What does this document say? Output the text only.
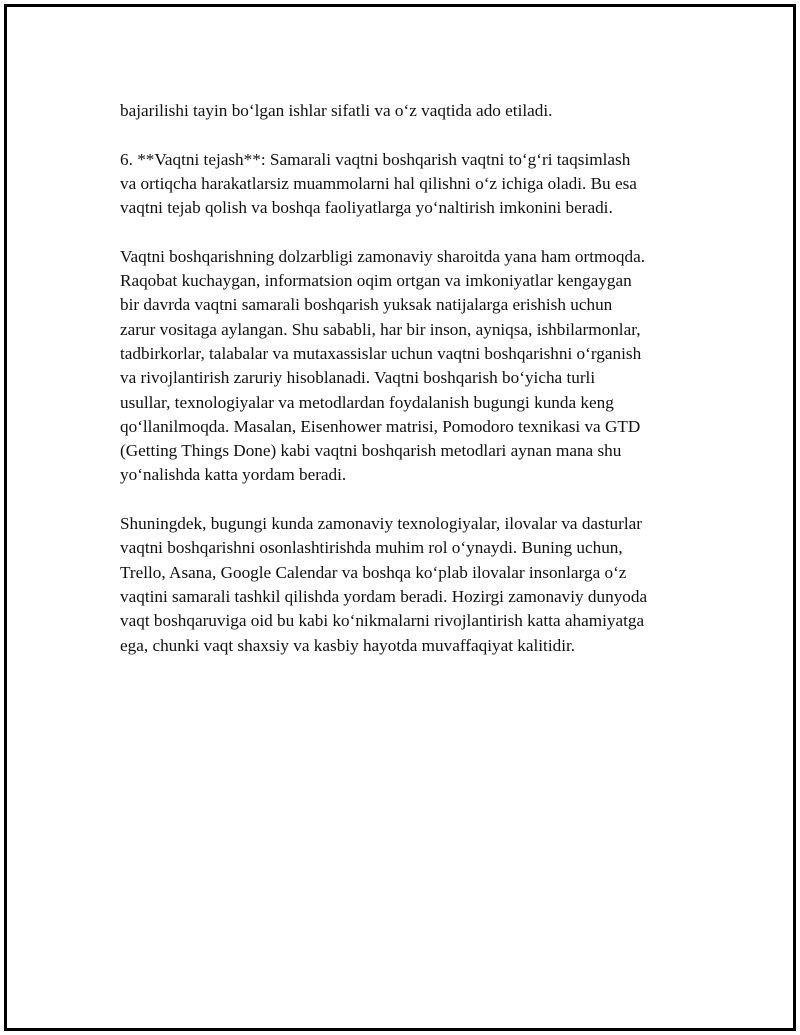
bajarilishi tayin bo‘lgan ishlar sifatli va o‘z vaqtida ado etiladi.

6. **Vaqtni tejash**: Samarali vaqtni boshqarish vaqtni to‘g‘ri taqsimlash
va ortiqcha harakatlarsiz muammolarni hal qilishni o‘z ichiga oladi. Bu esa
vaqtni tejab qolish va boshqa faoliyatlarga yo‘naltirish imkonini beradi.

Vaqtni boshqarishning dolzarbligi zamonaviy sharoitda yana ham ortmoqda.
Raqobat kuchaygan, informatsion oqim ortgan va imkoniyatlar kengaygan
bir davrda vaqtni samarali boshqarish yuksak natijalarga erishish uchun
zarur vositaga aylangan. Shu sababli, har bir inson, ayniqsa, ishbilarmonlar,
tadbirkorlar, talabalar va mutaxassislar uchun vaqtni boshqarishni o‘rganish
va rivojlantirish zaruriy hisoblanadi. Vaqtni boshqarish bo‘yicha turli
usullar, texnologiyalar va metodlardan foydalanish bugungi kunda keng
qo‘llanilmoqda. Masalan, Eisenhower matrisi, Pomodoro texnikasi va GTD
(Getting Things Done) kabi vaqtni boshqarish metodlari aynan mana shu
yo‘nalishda katta yordam beradi.

Shuningdek, bugungi kunda zamonaviy texnologiyalar, ilovalar va dasturlar
vaqtni boshqarishni osonlashtirishda muhim rol o‘ynaydi. Buning uchun,
Trello, Asana, Google Calendar va boshqa ko‘plab ilovalar insonlarga o‘z
vaqtini samarali tashkil qilishda yordam beradi. Hozirgi zamonaviy dunyoda
vaqt boshqaruviga oid bu kabi ko‘nikmalarni rivojlantirish katta ahamiyatga
ega, chunki vaqt shaxsiy va kasbiy hayotda muvaffaqiyat kalitidir.
